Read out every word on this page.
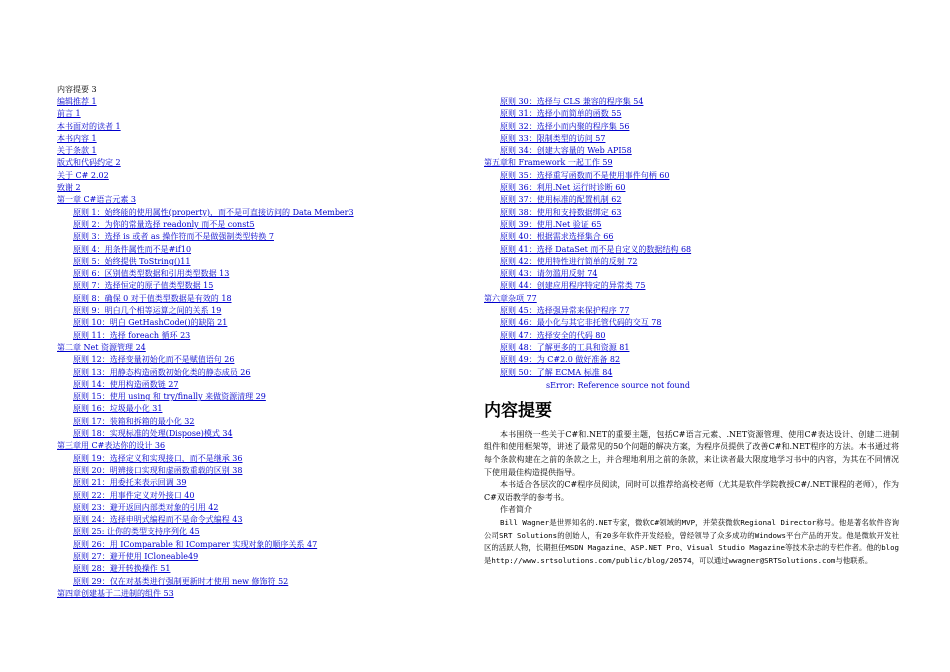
内容提要 3
编辑推荐 1
前言 1
本书面对的读者 1
本书内容 1
关于条款 1
版式和代码约定 2
关于 C# 2.02
致谢 2
第一章 C#语言元素 3
原则 1：始终能的使用属性(property)，而不是可直接访问的 Data Member3
原则 2：为你的常量选择 readonly 而不是 const5
原则 3：选择 is 或者 as 操作符而不是做强制类型转换 7
原则 4：用条件属性而不是#if10
原则 5：始终提供 ToString()11
原则 6：区别值类型数据和引用类型数据 13
原则 7：选择恒定的原子值类型数据 15
原则 8：确保 0 对于值类型数据是有效的 18
原则 9：明白几个相等运算之间的关系 19
原则 10：明白 GetHashCode()的缺陷 21
原则 11：选择 foreach 循环 23
第二章 Net 资源管理 24
原则 12：选择变量初始化而不是赋值语句 26
原则 13：用静态构造函数初始化类的静态成员 26
原则 14：使用构造函数链 27
原则 15：使用 using 和 try/finally 来做资源清理 29
原则 16：垃圾最小化 31
原则 17：装箱和拆箱的最小化 32
原则 18：实现标准的处理(Dispose)模式 34
第三章用 C#表达你的设计 36
原则 19：选择定义和实现接口，而不是继承 36
原则 20：明辨接口实现和虚函数重载的区别 38
原则 21：用委托来表示回调 39
原则 22：用事件定义对外接口 40
原则 23：避开返回内部类对象的引用 42
原则 24：选择申明式编程而不是命令式编程 43
原则 25: 让你的类型支持序列化 45
原则 26：用 IComparable 和 IComparer 实现对象的顺序关系 47
原则 27：避开使用 ICloneable49
原则 28：避开转换操作 51
原则 29：仅在对基类进行强制更新时才使用 new 修饰符 52
第四章创建基于二进制的组件 53
原则 30：选择与 CLS 兼容的程序集 54
原则 31：选择小而简单的函数 55
原则 32：选择小而内聚的程序集 56
原则 33：限制类型的访问 57
原则 34：创建大容量的 Web API58
第五章和 Framework 一起工作 59
原则 35：选择重写函数而不是使用事件句柄 60
原则 36：利用.Net 运行时诊断 60
原则 37：使用标准的配置机制 62
原则 38：使用和支持数据绑定 63
原则 39：使用.Net 验证 65
原则 40：根据需求选择集合 66
原则 41：选择 DataSet 而不是自定义的数据结构 68
原则 42：使用特性进行简单的反射 72
原则 43：请勿滥用反射 74
原则 44：创建应用程序特定的异常类 75
第六章杂项 77
原则 45：选择强异常来保护程序 77
原则 46：最小化与其它非托管代码的交互 78
原则 47：选择安全的代码 80
原则 48：了解更多的工具和资源 81
原则 49：为 C#2.0 做好准备 82
原则 50：了解 ECMA 标准 84
sError: Reference source not found
内容提要

本书围绕一些关于C#和.NET的重要主题，包括C#语言元素、.NET资源管理、使用C#表达设计、创建二进制组件和使用框架等，讲述了最常见的50个问题的解决方案，为程序员提供了改善C#和.NET程序的方法。本书通过将每个条款构建在之前的条款之上，并合理地利用之前的条款，来让读者最大限度地学习书中的内容，为其在不同情况下使用最佳构造提供指导。

本书适合各层次的C#程序员阅读，同时可以推荐给高校老师（尤其是软件学院教授C#/.NET课程的老师），作为C#双语教学的参考书。

作者简介

Bill Wagner是世界知名的.NET专家，微软C#领域的MVP，并荣获微软Regional Director称号。他是著名软件咨询公司SRT Solutions的创始人，有20多年软件开发经验，曾经领导了众多成功的Windows平台产品的开发。他是微软开发社区的活跃人物，长期担任MSDN Magazine、ASP.NET Pro、Visual Studio Magazine等技术杂志的专栏作者。他的blog是http://www.srtsolutions.com/public/blog/20574，可以通过wwagner@SRTSolutions.com与他联系。
